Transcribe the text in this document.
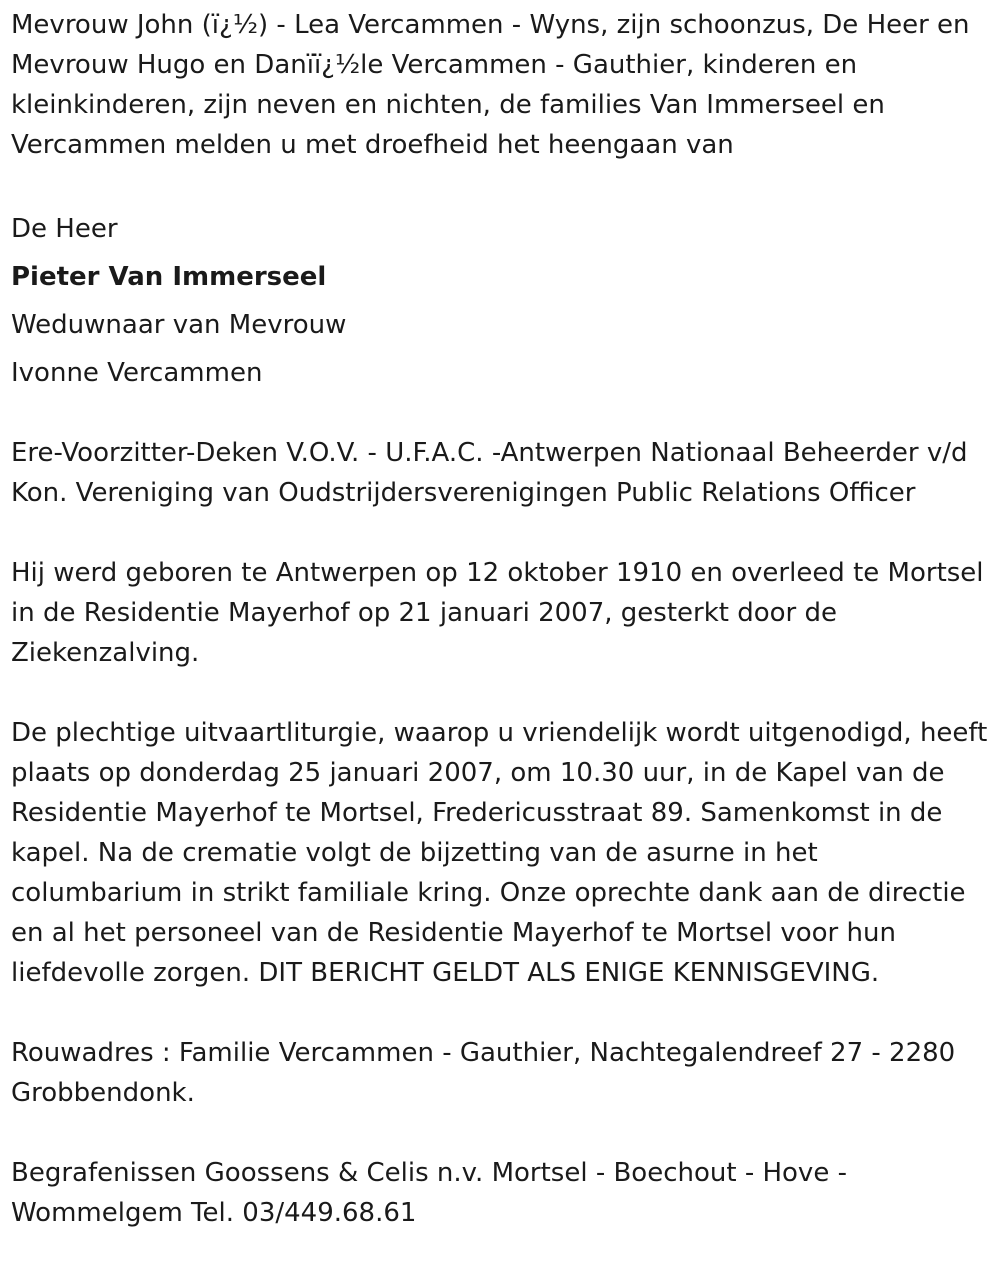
Mevrouw John (ï¿½) - Lea Vercammen - Wyns, zijn schoonzus, De Heer en Mevrouw Hugo en Danïï¿½le Vercammen - Gauthier, kinderen en kleinkinderen, zijn neven en nichten, de families Van Immerseel en Vercammen melden u met droefheid het heengaan van

De Heer

Pieter Van Immerseel

Weduwnaar van Mevrouw

Ivonne Vercammen

Ere-Voorzitter-Deken V.O.V. - U.F.A.C. -Antwerpen Nationaal Beheerder v/d Kon. Vereniging van Oudstrijdersverenigingen Public Relations Officer

Hij werd geboren te Antwerpen op 12 oktober 1910 en overleed te Mortsel in de Residentie Mayerhof op 21 januari 2007, gesterkt door de Ziekenzalving.

De plechtige uitvaartliturgie, waarop u vriendelijk wordt uitgenodigd, heeft plaats op donderdag 25 januari 2007, om 10.30 uur, in de Kapel van de Residentie Mayerhof te Mortsel, Fredericusstraat 89. Samenkomst in de kapel. Na de crematie volgt de bijzetting van de asurne in het columbarium in strikt familiale kring. Onze oprechte dank aan de directie en al het personeel van de Residentie Mayerhof te Mortsel voor hun liefdevolle zorgen. DIT BERICHT GELDT ALS ENIGE KENNISGEVING.

Rouwadres : Familie Vercammen - Gauthier, Nachtegalendreef 27 - 2280 Grobbendonk.

Begrafenissen Goossens & Celis n.v. Mortsel - Boechout - Hove - Wommelgem Tel. 03/449.68.61
